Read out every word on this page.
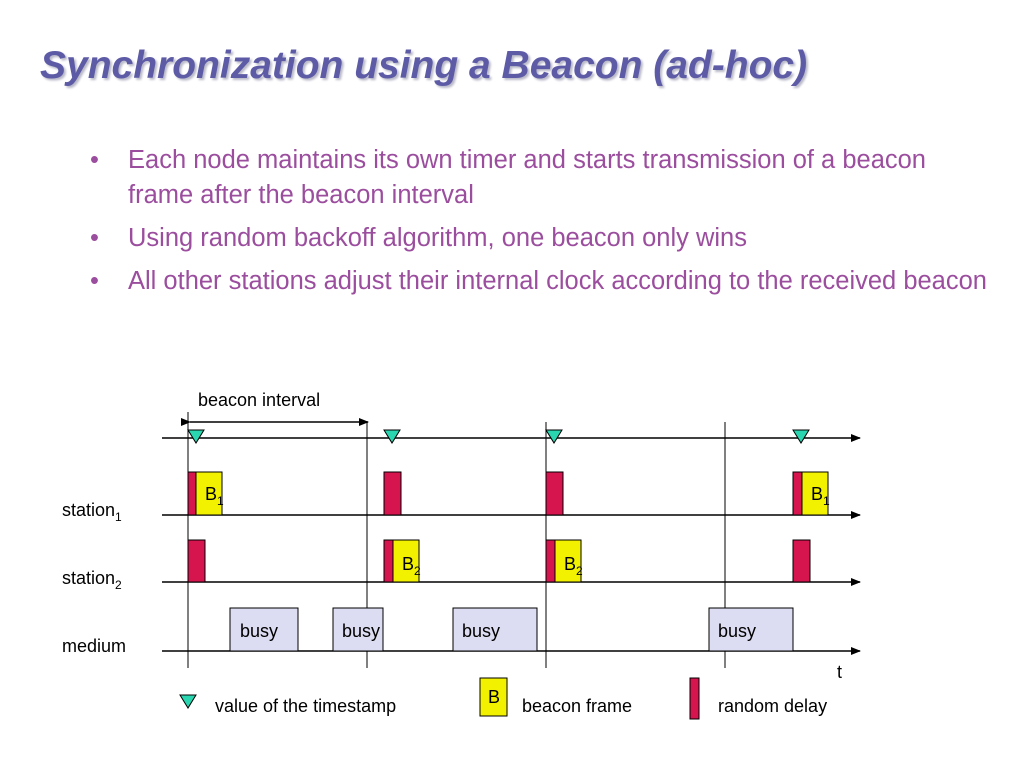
Synchronization using a Beacon (ad-hoc)
• Each node maintains its own timer and starts transmission of a beacon frame after the beacon interval
• Using random backoff algorithm, one beacon only wins
• All other stations adjust their internal clock according to the received beacon
beacon interval
station$_1$
station$_2$
medium
$B_1$	$B_1$
$B_2$	$B_2$
busy	busy	busy	busy
t
value of the timestamp	B beacon frame	random delay
